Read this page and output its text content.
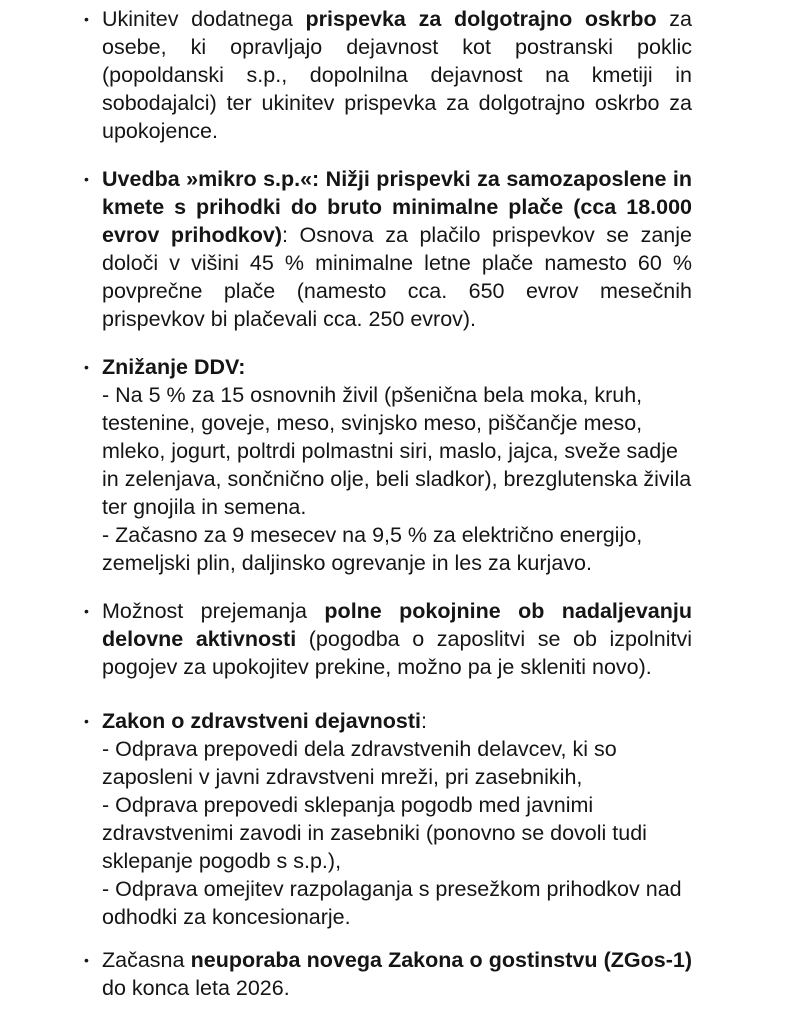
• Ukinitev dodatnega prispevka za dolgotrajno oskrbo za osebe, ki opravljajo dejavnost kot postranski poklic (popoldanski s.p., dopolnilna dejavnost na kmetiji in sobodajalci) ter ukinitev prispevka za dolgotrajno oskrbo za upokojence.

• Uvedba »mikro s.p.«: Nižji prispevki za samozaposlene in kmete s prihodki do bruto minimalne plače (cca 18.000 evrov prihodkov): Osnova za plačilo prispevkov se zanje določi v višini 45 % minimalne letne plače namesto 60 % povprečne plače (namesto cca. 650 evrov mesečnih prispevkov bi plačevali cca. 250 evrov).

• Znižanje DDV:

- Na 5 % za 15 osnovnih živil (pšenična bela moka, kruh, testenine, goveje, meso, svinjsko meso, piščančje meso, mleko, jogurt, poltrdi polmastni siri, maslo, jajca, sveže sadje in zelenjava, sončnično olje, beli sladkor), brezglutenska živila ter gnojila in semena.

- Začasno za 9 mesecev na 9,5 % za električno energijo, zemeljski plin, daljinsko ogrevanje in les za kurjavo.

• Možnost prejemanja polne pokojnine ob nadaljevanju delovne aktivnosti (pogodba o zaposlitvi se ob izpolnitvi pogojev za upokojitev prekine, možno pa je skleniti novo).

• Zakon o zdravstveni dejavnosti:

- Odprava prepovedi dela zdravstvenih delavcev, ki so zaposleni v javni zdravstveni mreži, pri zasebnikih,

- Odprava prepovedi sklepanja pogodb med javnimi zdravstvenimi zavodi in zasebniki (ponovno se dovoli tudi sklepanje pogodb s s.p.),

- Odprava omejitev razpolaganja s presežkom prihodkov nad odhodki za koncesionarje.

• Začasna neuporaba novega Zakona o gostinstvu (ZGos-1) do konca leta 2026.
